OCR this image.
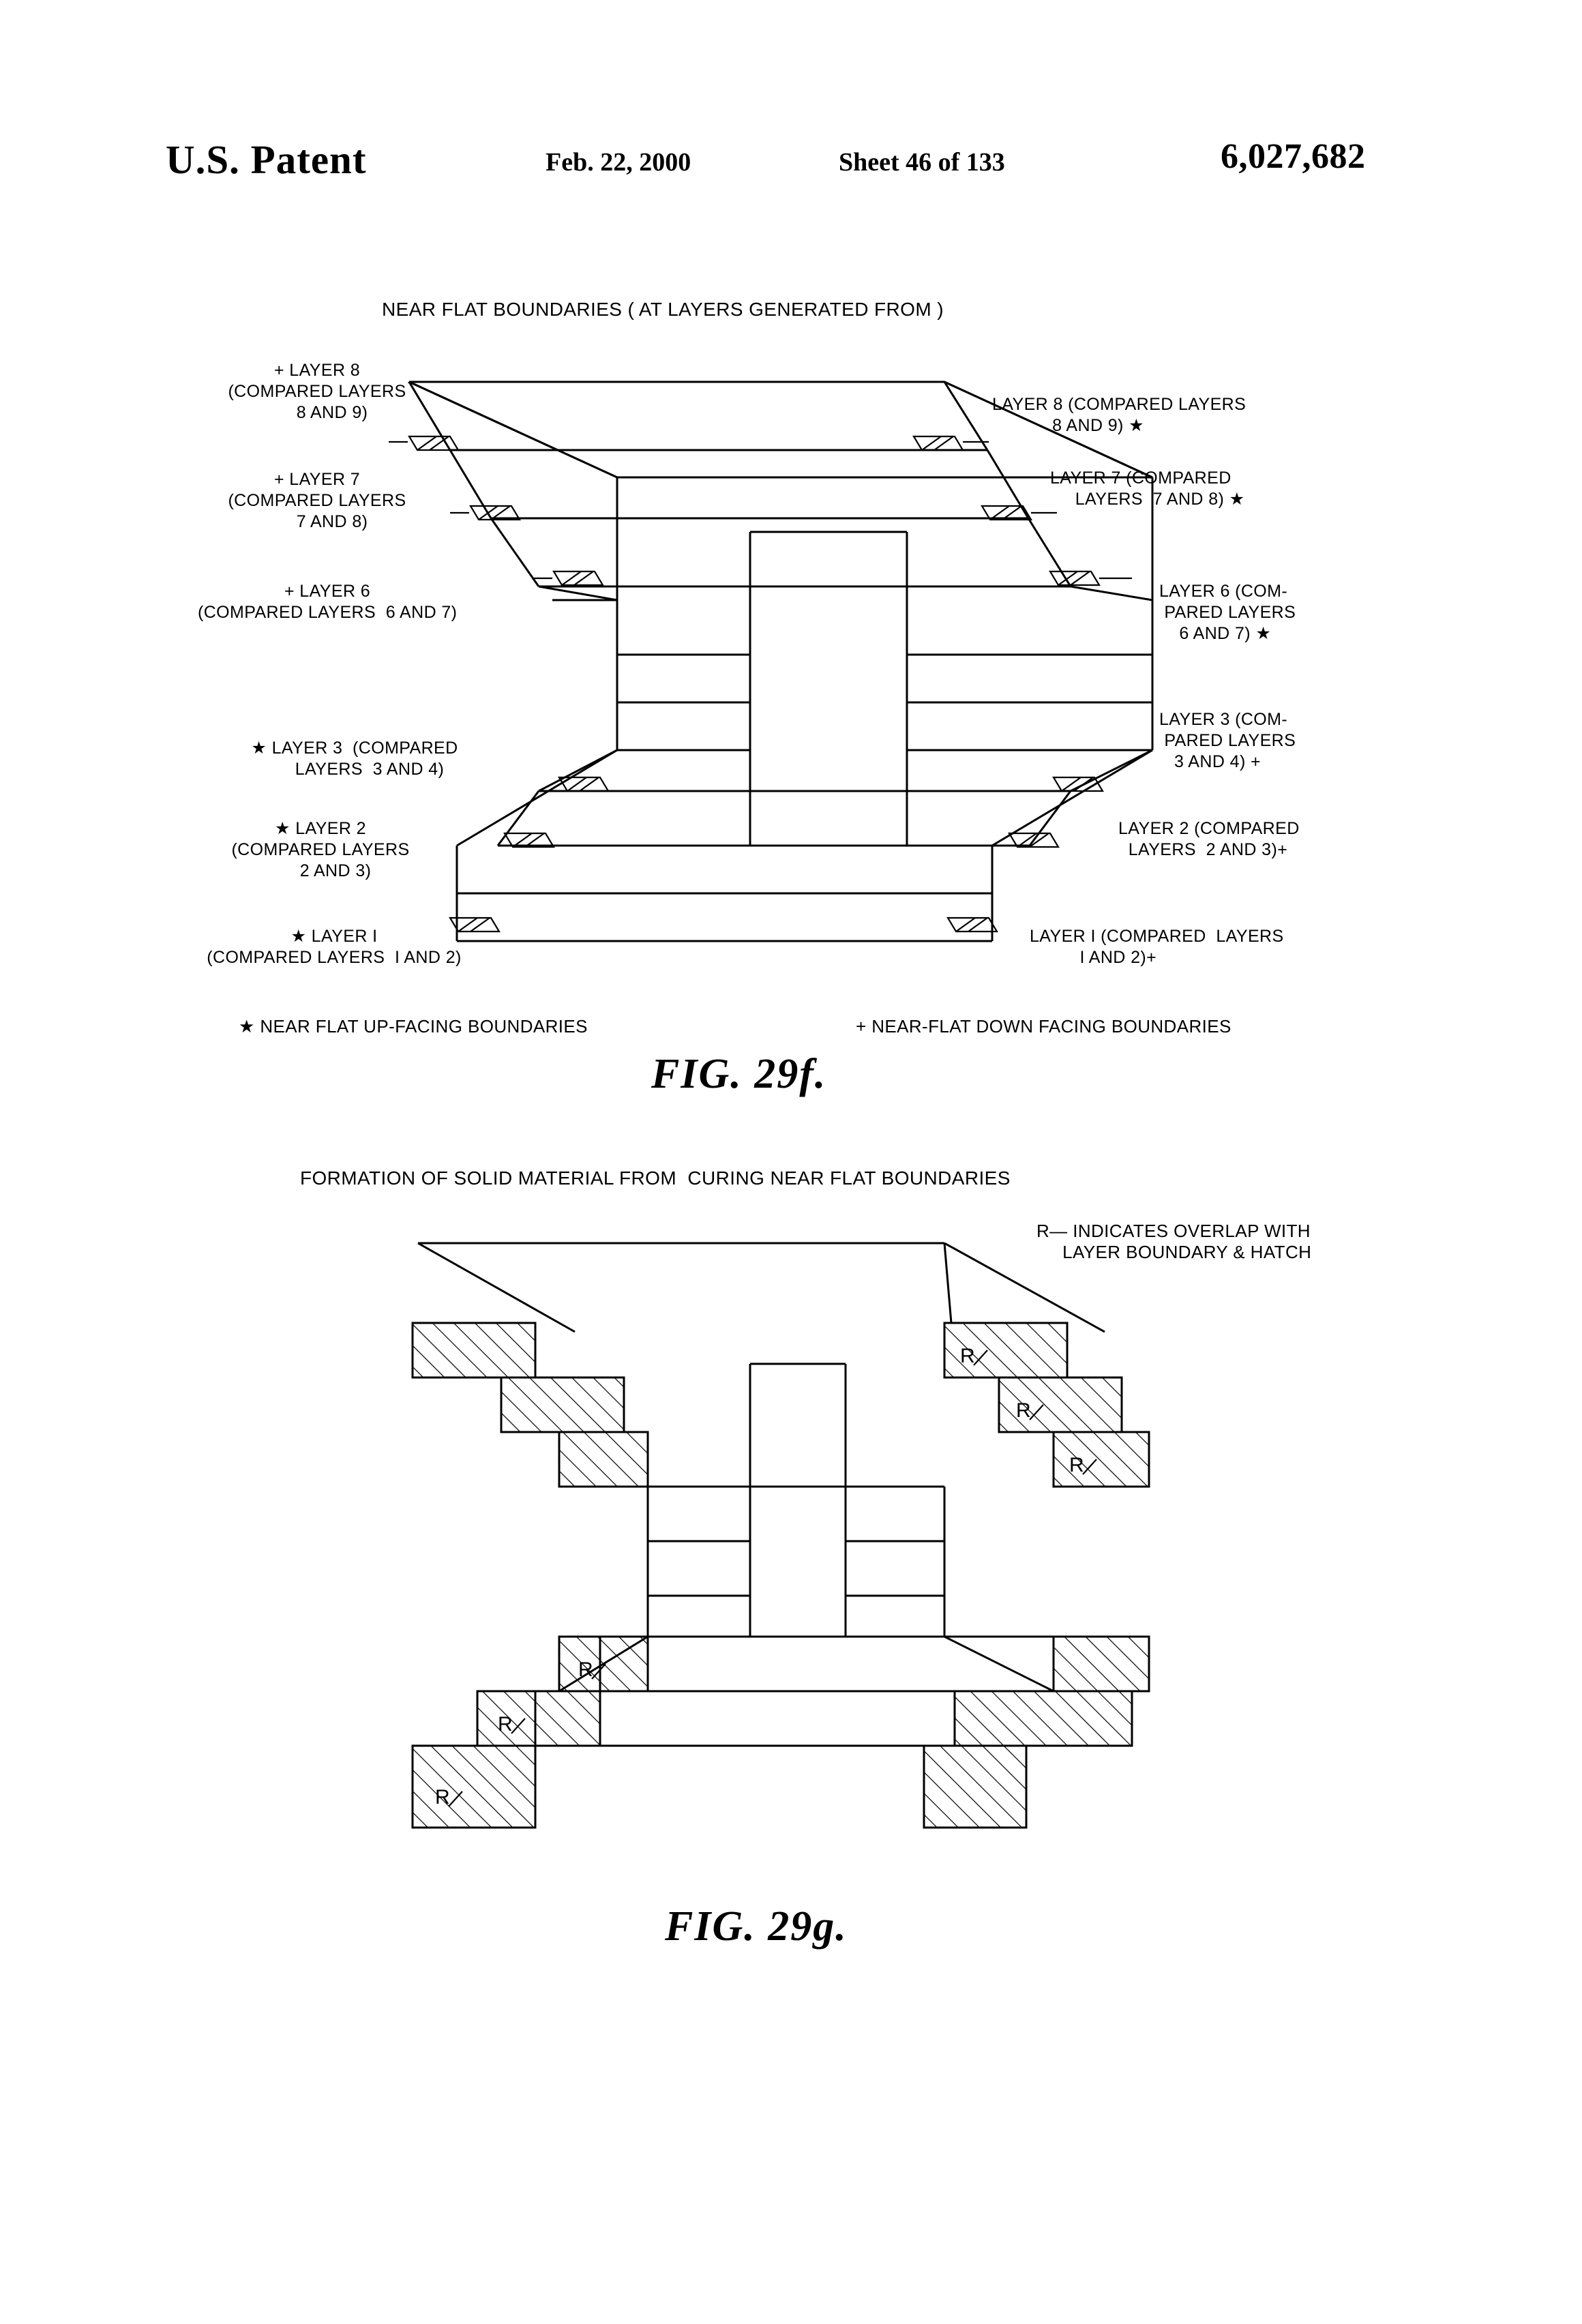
U.S. Patent	Feb. 22, 2000	Sheet 46 of 133	6,027,682
NEAR FLAT BOUNDARIES ( AT LAYERS GENERATED FROM )
+ LAYER 8
(COMPARED LAYERS
8 AND 9)
+ LAYER 7
(COMPARED LAYERS
7 AND 8)
+ LAYER 6
(COMPARED LAYERS  6 AND 7)
★ LAYER 3  (COMPARED
LAYERS  3 AND 4)
★ LAYER 2
(COMPARED LAYERS
2 AND 3)
★ LAYER I
(COMPARED LAYERS  I AND 2)
LAYER 8 (COMPARED LAYERS
8 AND 9) ★
LAYER 7 (COMPARED
LAYERS  7 AND 8) ★
LAYER 6 (COM-
PARED LAYERS
6 AND 7) ★
LAYER 3 (COM-
PARED LAYERS
3 AND 4) +
LAYER 2 (COMPARED
LAYERS  2 AND 3)+
LAYER I (COMPARED  LAYERS
I AND 2)+
★ NEAR FLAT UP-FACING BOUNDARIES	+ NEAR-FLAT DOWN FACING BOUNDARIES
FIG. 29f.
FORMATION OF SOLID MATERIAL FROM  CURING NEAR FLAT BOUNDARIES
R— INDICATES OVERLAP WITH
LAYER BOUNDARY & HATCH
FIG. 29g.
R
R
R
R
R
R
